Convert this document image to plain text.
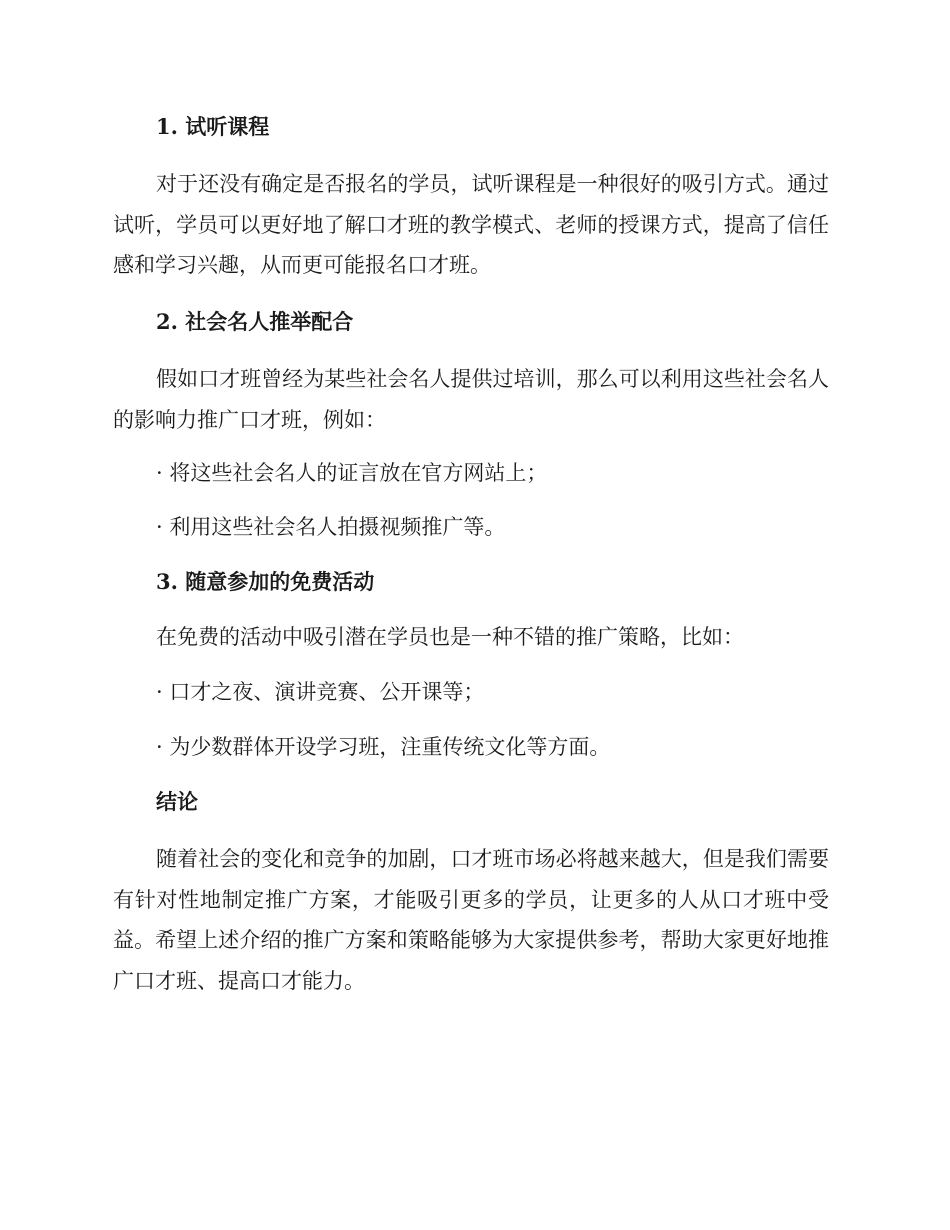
1. 试听课程
对于还没有确定是否报名的学员，试听课程是一种很好的吸引方式。通过试听，学员可以更好地了解口才班的教学模式、老师的授课方式，提高了信任感和学习兴趣，从而更可能报名口才班。
2. 社会名人推举配合
假如口才班曾经为某些社会名人提供过培训，那么可以利用这些社会名人的影响力推广口才班，例如：
· 将这些社会名人的证言放在官方网站上；
· 利用这些社会名人拍摄视频推广等。
3. 随意参加的免费活动
在免费的活动中吸引潜在学员也是一种不错的推广策略，比如：
· 口才之夜、演讲竞赛、公开课等；
· 为少数群体开设学习班，注重传统文化等方面。
结论
随着社会的变化和竞争的加剧，口才班市场必将越来越大，但是我们需要有针对性地制定推广方案，才能吸引更多的学员，让更多的人从口才班中受益。希望上述介绍的推广方案和策略能够为大家提供参考，帮助大家更好地推广口才班、提高口才能力。
